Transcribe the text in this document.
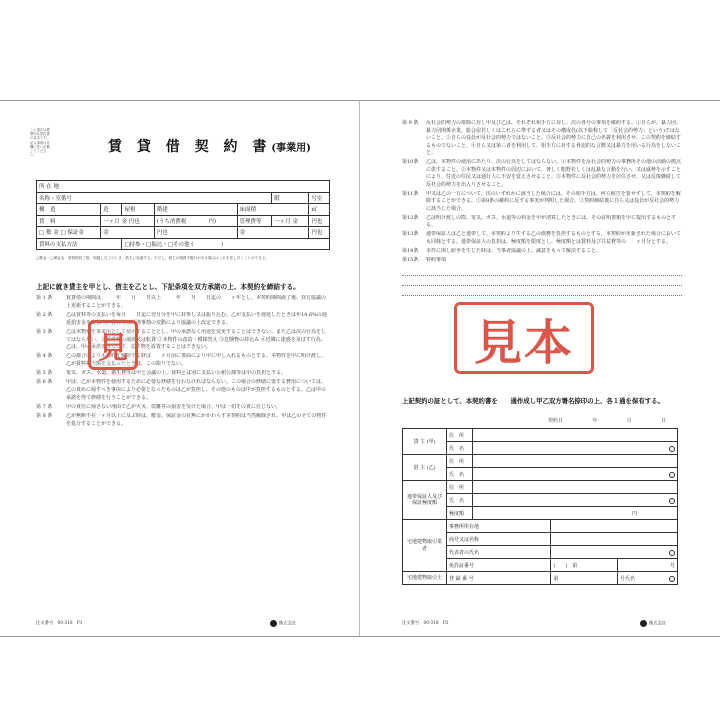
この書式は標準的な契約書の見本です。記入事項は各欄に従い記載してください。
賃 貸 借 契 約 書(事業用)
所 在 地						
名称・室番号					階	号室
構　造	造	屋根	階建	床面積		㎡
賃　料	一ヶ月 金 円也		(うち消費税　　　　円)	管理費等	一ヶ月 金	円也
□ 敷 金 □ 保証金	金		円也	金		円也
賃料の支払方法		□持参・□振込・□その他 (　　　　　)				
□敷金・□保証金　賃貸借終了後、明渡し完了のとき、借主に返還する。ただし、借主の債務不履行がある場合はこれを差し引くことができる。
上記に就き貸主を甲とし、借主を乙とし、下記条項を双方承諾の上、本契約を締結する。
第 1 条	賃貸借の期間は　　　年　　月　　日以上　　　年　　月　　日迄の　　ヶ年とし、本契約期間満了後、双方協議の上更新することができる。
第 2 条	乙は賃料等の支払いを毎月　　日迄に翌月分を甲に持参し又は振り込む。乙が支払いを遅延したときは年14.6%の遅延損害金を支払う。賃料等は経済事情の変動により協議の上改定できる。
第 3 条	乙は本物件を事業用として使用することとし、甲の承諾なく用途を変更することはできない。また乙は次の行為をしてはならない。①賃借権の譲渡又は転貸 ②本物件の改造・模様替え ③危険物の持込み ④近隣に迷惑を及ぼす行為。乙は、甲の承諾を得ないで、造作物を設置することはできない。
第 4 条	乙の都合により本契約を解除する時は　　ヶ月前に書面により甲に申し入れるものとする。本物件を甲に明け渡し、乙が賃料相当額を支払ったときは、この限りでない。
第 5 条	電気、ガス、水道、衛生費等は甲と会議の上、賃料とは別に支払い公租公課等は甲の負担とする。
第 6 条	甲は、乙が本物件を使用するために必要な修繕を行わなければならない。この場合の修繕に要する費用については、乙の責めに帰すべき事由により必要となったものは乙が負担し、その他のものは甲が負担するものとする。乙は甲の承諾を得て修繕を行うことができる。
第 7 条	甲の責任に帰さない理由で乙が火災、盗難等の損害を受けた場合、甲は一切その責に任じない。
第 8 条	乙が無断不在一ヶ月以上に及ぶ時は、敷金、保証金の有無にかかわらず本契約は当然解除され、甲は乙の全ての物件を処分することができる。
注文番号　00-318　P1	株式会社
第 9 条	反社会的勢力の排除に対し甲及び乙は、それぞれ相手方に対し、次の各号の事項を確約する。①自らが、暴力団、暴力団関係企業、総会屋若しくはこれらに準ずる者又はその構成員(以下総称して「反社会的勢力」という)ではないこと。②自らの役員が反社会的勢力ではないこと。③反社会的勢力に自己の名義を利用させ、この契約を締結するものでないこと。④自ら又は第三者を利用して、相手方に対する脅迫的な言動又は暴力を用いる行為をしないこと。
第10条	乙は、本物件の使用にあたり、次の行為をしてはならない。①本物件を反社会的勢力の事務所その他の活動の拠点に供すること。②本物件又は本物件の周辺において、著しく粗野若しくは乱暴な言動を行い、又は威勢を示すことにより、付近の住民又は通行人に不安を覚えさせること。③本物件に反社会的勢力を居住させ、又は反復継続して反社会的勢力を出入りさせること。
第11条	甲又は乙の一方について、次のいずれかに該当した場合には、その相手方は、何ら催告を要せずして、本契約を解除することができる。①第9条の確約に反する事実が判明した場合。②契約締結後に自ら又は役員が反社会的勢力に該当した場合。
第12条	乙は明け渡しの際、電気、ガス、水道等の料金を甲が清算したときには、その証明書類を甲に提出するものとする。
第13条	連帯保証人は乙と連帯して、本契約より生ずる乙の債務を負担するものとする。本契約が更新された場合においても同様とする。連帯保証人の負担は、極度額を限度とし、極度額とは賃料及び共益費等の　　ヶ月分とする。
第14条	本件に関し紛争を生じた時は、当事者協議の上、誠意をもって解決すること。
第15条	特約事項
上記契約の証として、本契約書を　　通作成し甲乙双方署名捺印の上、各１通を保有する。
契約日	年	月	日
貸 主 (甲)	住　所			
	氏　名			

借 主 (乙)	住　所			
	氏　名			

連帯保証人及び保証極度額	住　所			
	氏　名			

	極度額	円		
宅地建物取引業者	事務所所在地			
	商号又は名称			
	代表者の氏名			

	免許証番号		(　　)　第	号
宅地建物取引士	登 録 番 号		第	号氏名
注文番号　00-318　P2	株式会社
見	見本
